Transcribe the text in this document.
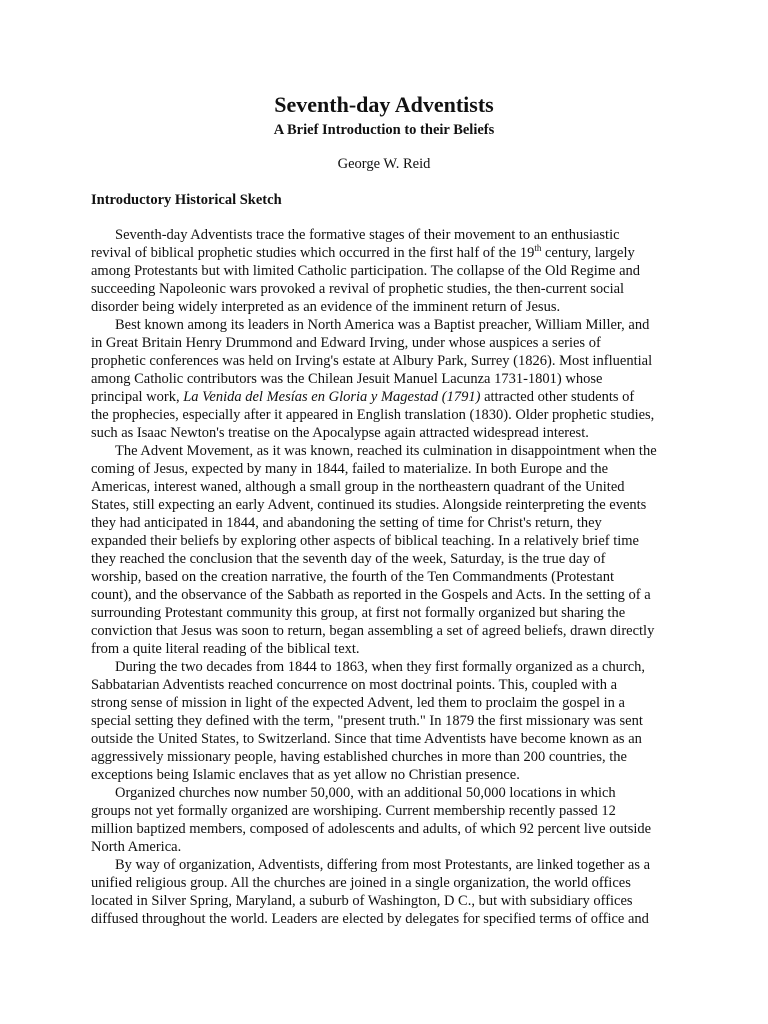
Seventh-day Adventists
A Brief Introduction to their Beliefs
George W. Reid
Introductory Historical Sketch
Seventh-day Adventists trace the formative stages of their movement to an enthusiastic
revival of biblical prophetic studies which occurred in the first half of the 19th century, largely
among Protestants but with limited Catholic participation. The collapse of the Old Regime and
succeeding Napoleonic wars provoked a revival of prophetic studies, the then-current social
disorder being widely interpreted as an evidence of the imminent return of Jesus.
Best known among its leaders in North America was a Baptist preacher, William Miller, and
in Great Britain Henry Drummond and Edward Irving, under whose auspices a series of
prophetic conferences was held on Irving's estate at Albury Park, Surrey (1826). Most influential
among Catholic contributors was the Chilean Jesuit Manuel Lacunza 1731-1801) whose
principal work, La Venida del Mesías en Gloria y Magestad (1791) attracted other students of
the prophecies, especially after it appeared in English translation (1830). Older prophetic studies,
such as Isaac Newton's treatise on the Apocalypse again attracted widespread interest.
The Advent Movement, as it was known, reached its culmination in disappointment when the
coming of Jesus, expected by many in 1844, failed to materialize. In both Europe and the
Americas, interest waned, although a small group in the northeastern quadrant of the United
States, still expecting an early Advent, continued its studies. Alongside reinterpreting the events
they had anticipated in 1844, and abandoning the setting of time for Christ's return, they
expanded their beliefs by exploring other aspects of biblical teaching. In a relatively brief time
they reached the conclusion that the seventh day of the week, Saturday, is the true day of
worship, based on the creation narrative, the fourth of the Ten Commandments (Protestant
count), and the observance of the Sabbath as reported in the Gospels and Acts. In the setting of a
surrounding Protestant community this group, at first not formally organized but sharing the
conviction that Jesus was soon to return, began assembling a set of agreed beliefs, drawn directly
from a quite literal reading of the biblical text.
During the two decades from 1844 to 1863, when they first formally organized as a church,
Sabbatarian Adventists reached concurrence on most doctrinal points. This, coupled with a
strong sense of mission in light of the expected Advent, led them to proclaim the gospel in a
special setting they defined with the term, "present truth." In 1879 the first missionary was sent
outside the United States, to Switzerland. Since that time Adventists have become known as an
aggressively missionary people, having established churches in more than 200 countries, the
exceptions being Islamic enclaves that as yet allow no Christian presence.
Organized churches now number 50,000, with an additional 50,000 locations in which
groups not yet formally organized are worshiping. Current membership recently passed 12
million baptized members, composed of adolescents and adults, of which 92 percent live outside
North America.
By way of organization, Adventists, differing from most Protestants, are linked together as a
unified religious group. All the churches are joined in a single organization, the world offices
located in Silver Spring, Maryland, a suburb of Washington, D C., but with subsidiary offices
diffused throughout the world. Leaders are elected by delegates for specified terms of office and
